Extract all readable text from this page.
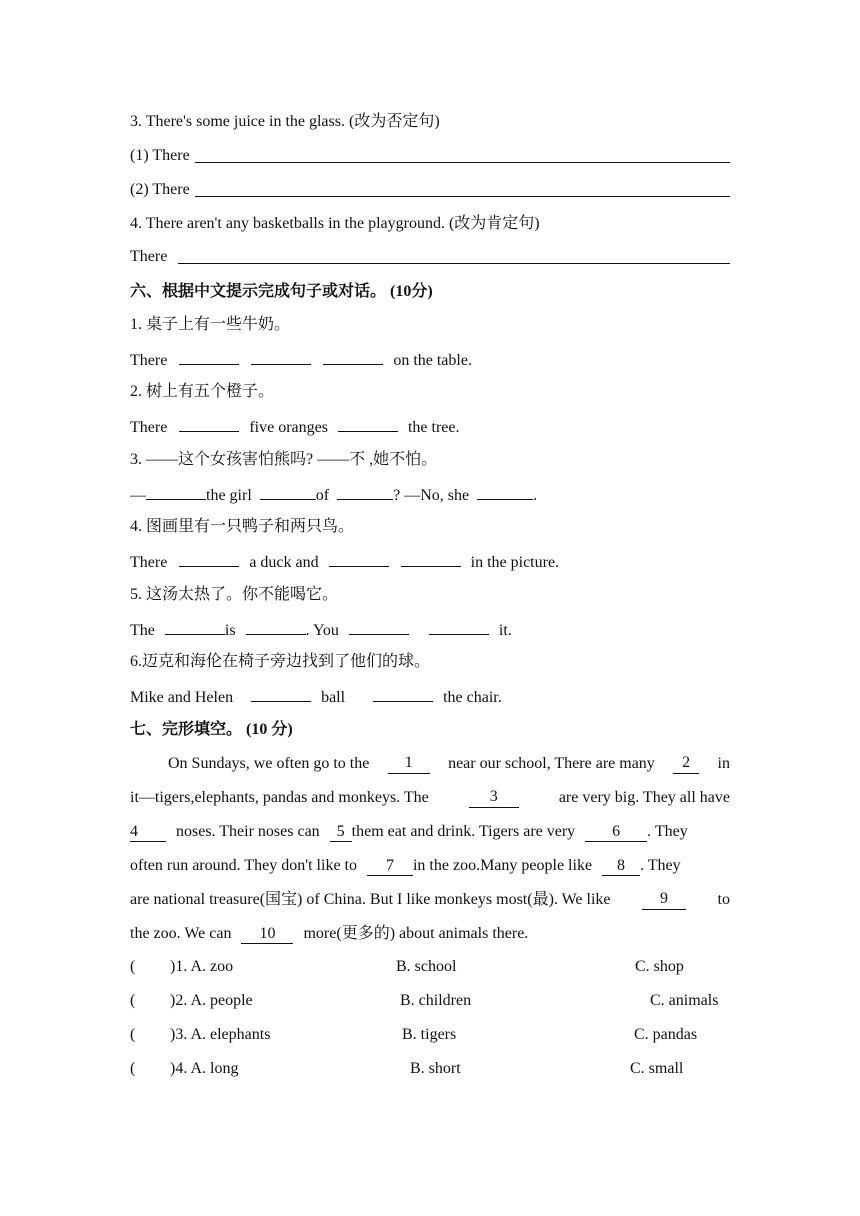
3. There's some juice in the glass. (改为否定句)
(1) There
(2) There
4. There aren't any basketballs in the playground. (改为肯定句)
There
六、根据中文提示完成句子或对话。 (10分)
1. 桌子上有一些牛奶。
There	on the table.
2. 树上有五个橙子。
There	five oranges	the tree.
3. ——这个女孩害怕熊吗? ——不 ,她不怕。
—	the girl	of	? —No, she	.
4. 图画里有一只鸭子和两只鸟。
There	a duck and	in the picture.
5. 这汤太热了。你不能喝它。
The	is	. You	it.
6.迈克和海伦在椅子旁边找到了他们的球。
Mike and Helen	ball	the chair.
七、完形填空。 (10 分)
On Sundays, we often go to the	1	near our school, There are many	2	in
it—tigers,elephants, pandas and monkeys. The	3	are very big. They all have
4 noses. Their noses can 5 them eat and drink. Tigers are very 6 . They
often run around. They don't like to 7 in the zoo.Many people like 8 . They
are national treasure(国宝) of China. But I like monkeys most(最). We like	9	to
the zoo. We can 10 more(更多的) about animals there.
( )1. A. zoo	B. school	C. shop
( )2. A. people	B. children	C. animals
( )3. A. elephants	B. tigers	C. pandas
( )4. A. long	B. short	C. small
